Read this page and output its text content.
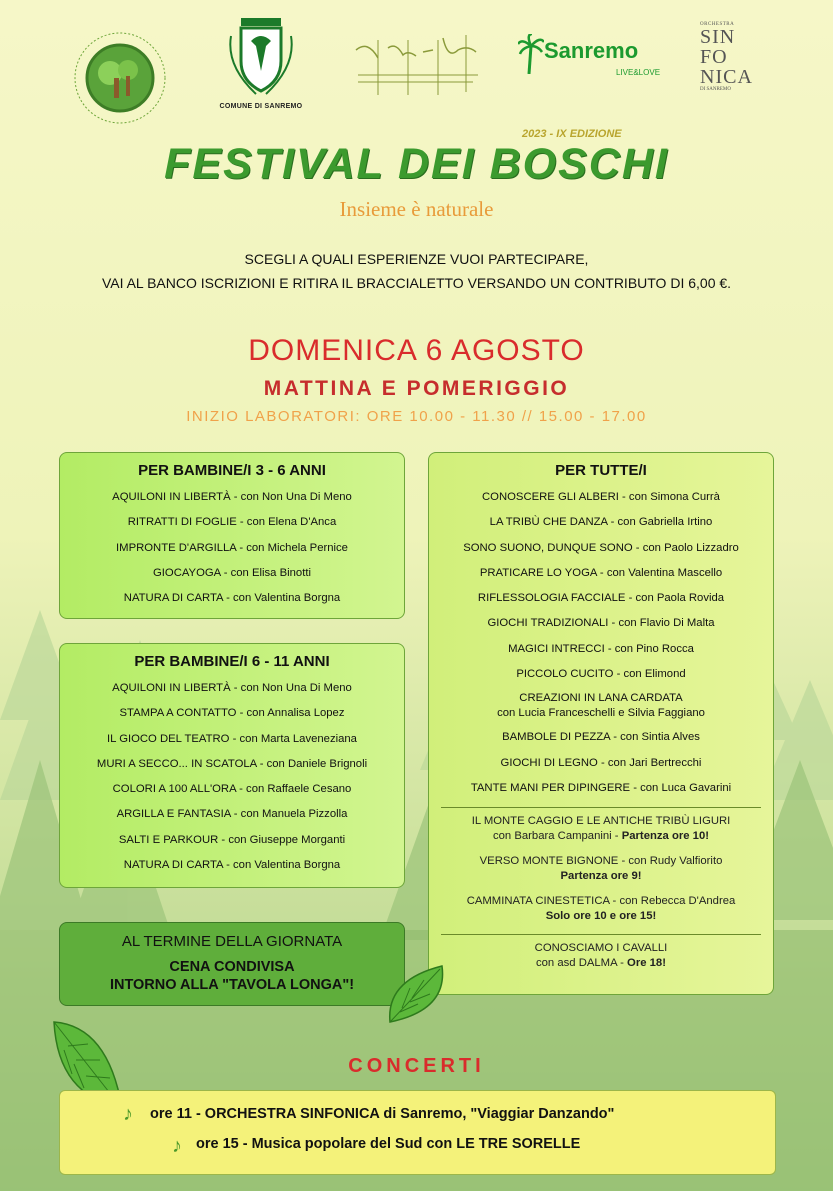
COMUNE DI SANREMO
Sanremo
LIVE&LOVE
ORCHESTRA
SIN
FO
NICA
DI SANREMO
2023 - IX EDIZIONE
FESTIVAL DEI BOSCHI
Insieme è naturale
SCEGLI A QUALI ESPERIENZE VUOI PARTECIPARE,
VAI AL BANCO ISCRIZIONI E RITIRA IL BRACCIALETTO VERSANDO UN CONTRIBUTO DI 6,00 €.
DOMENICA 6 AGOSTO
MATTINA E POMERIGGIO
INIZIO LABORATORI: ORE 10.00 - 11.30 // 15.00 - 17.00
PER BAMBINE/I 3 - 6 ANNI
AQUILONI IN LIBERTÀ - con Non Una Di Meno
RITRATTI DI FOGLIE - con Elena D'Anca
IMPRONTE D'ARGILLA - con Michela Pernice
GIOCAYOGA - con Elisa Binotti
NATURA DI CARTA - con Valentina Borgna
PER BAMBINE/I 6 - 11 ANNI
AQUILONI IN LIBERTÀ - con Non Una Di Meno
STAMPA A CONTATTO - con Annalisa Lopez
IL GIOCO DEL TEATRO - con Marta Laveneziana
MURI A SECCO... IN SCATOLA - con Daniele Brignoli
COLORI A 100 ALL'ORA - con Raffaele Cesano
ARGILLA E FANTASIA - con Manuela Pizzolla
SALTI E PARKOUR - con Giuseppe Morganti
NATURA DI CARTA - con Valentina Borgna
PER TUTTE/I
CONOSCERE GLI ALBERI - con Simona Currà
LA TRIBÙ CHE DANZA - con Gabriella Irtino
SONO SUONO, DUNQUE SONO - con Paolo Lizzadro
PRATICARE LO YOGA - con Valentina Mascello
RIFLESSOLOGIA FACCIALE - con Paola Rovida
GIOCHI TRADIZIONALI - con Flavio Di Malta
MAGICI INTRECCI - con Pino Rocca
PICCOLO CUCITO - con Elimond
CREAZIONI IN LANA CARDATA
con Lucia Franceschelli e Silvia Faggiano
BAMBOLE DI PEZZA - con Sintia Alves
GIOCHI DI LEGNO - con Jari Bertrecchi
TANTE MANI PER DIPINGERE - con Luca Gavarini
IL MONTE CAGGIO E LE ANTICHE TRIBÙ LIGURI
con Barbara Campanini - Partenza ore 10!
VERSO MONTE BIGNONE - con Rudy Valfiorito
Partenza ore 9!
CAMMINATA CINESTETICA - con Rebecca D'Andrea
Solo ore 10 e ore 15!
CONOSCIAMO I CAVALLI
con asd DALMA - Ore 18!
AL TERMINE DELLA GIORNATA
CENA CONDIVISA
INTORNO ALLA "TAVOLA LONGA"!
CONCERTI
♪ ore 11 - ORCHESTRA SINFONICA di Sanremo, "Viaggiar Danzando"
♪ ore 15 - Musica popolare del Sud con LE TRE SORELLE
